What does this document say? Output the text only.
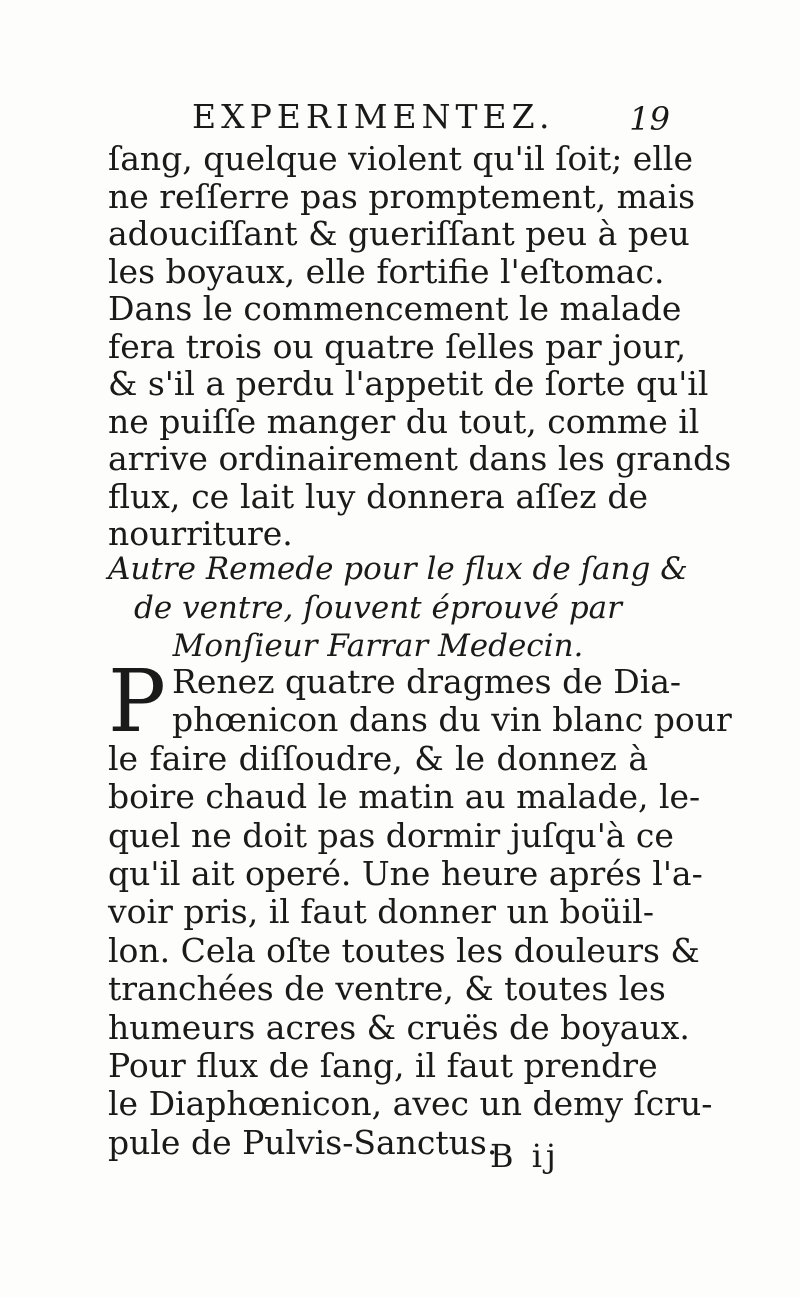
EXPERIMENTEZ. 19
ſang, quelque violent qu'il ſoit; elle
ne reſſerre pas promptement, mais
adouciſſant & gueriſſant peu à peu
les boyaux, elle fortifie l'eſtomac.
Dans le commencement le malade
fera trois ou quatre ſelles par jour,
& s'il a perdu l'appetit de ſorte qu'il
ne puiſſe manger du tout, comme il
arrive ordinairement dans les grands
flux, ce lait luy donnera aſſez de
nourriture.
Autre Remede pour le flux de ſang &
de ventre, ſouvent éprouvé par
Monſieur Farrar Medecin.
P Renez quatre dragmes de Dia-
phœnicon dans du vin blanc pour
le faire diſſoudre, & le donnez à
boire chaud le matin au malade, le-
quel ne doit pas dormir juſqu'à ce
qu'il ait operé. Une heure aprés l'a-
voir pris, il faut donner un boüil-
lon. Cela oſte toutes les douleurs &
tranchées de ventre, & toutes les
humeurs acres & cruës de boyaux.
Pour flux de ſang, il faut prendre
le Diaphœnicon, avec un demy ſcru-
pule de Pulvis-Sanctus.
B ij
